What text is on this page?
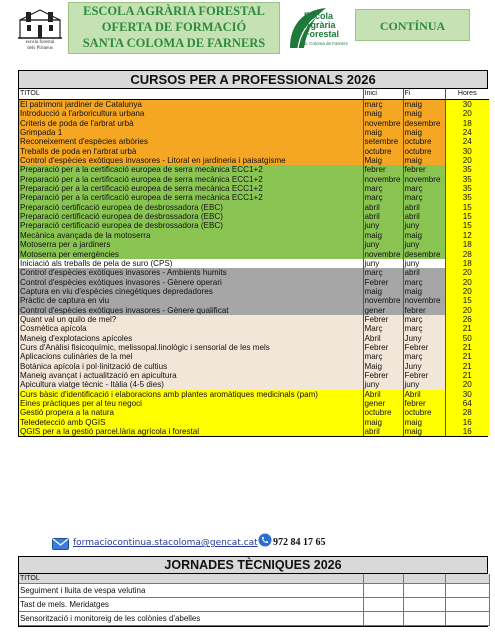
escola forestal
dels Pirineus
ESCOLA AGRÀRIA FORESTAL
OFERTA DE FORMACIÓ
SANTA COLOMA DE FARNERS
Escola
Agrària
Forestal
Sta. Coloma de Farners
CONTÍNUA
CURSOS PER A PROFESSIONALS 2026
TITOL	Inici	Fi	Hores
El patrimoni jardiner de Catalunya	març	maig	30
Introducció a l'arboricultura urbana	maig	maig	20
Criteris de poda de l'arbrat urbà	novembre	desembre	18
Grimpada 1	maig	maig	24
Reconeixement d'espècies arbòries	setembre	octubre	24
Treballs de poda en l'arbrat urbà	octubre	octubre	30
Control d'espècies exòtiques invasores - Litoral en jardineria i paisatgisme	Maig	maig	20
Preparació per a la certificació europea de serra mecànica ECC1+2	febrer	febrer	35
Preparació per a la certificació europea de serra mecànica ECC1+2	novembre	novembre	35
Preparació per a la certificació europea de serra mecànica ECC1+2	març	març	35
Preparació per a la certificació europea de serra mecànica ECC1+2	març	març	35
Preparació certificació europea de desbrossadora (EBC)	abril	abril	15
Preparació certificació europea de desbrossadora (EBC)	abril	abril	15
Preparació certificació europea de desbrossadora (EBC)	juny	juny	15
Mecànica avançada de la motoserra	maig	maig	12
Motoserra per a jardiners	juny	juny	18
Motoserra per emergències	novembre	desembre	28
Iniciació als treballs de pela de suro (CPS)	juny	juny	18
Control d'espècies exòtiques invasores - Ambients humits	març	abril	20
Control d'espècies exòtiques invasores - Gènere operari	Febrer	març	20
Captura en viu d'espècies cinegètiques depredadores	maig	maig	20
Pràctic de captura en viu	novembre	novembre	15
Control d'espècies exòtiques invasores - Gènere qualificat	gener	febrer	20
Quant val un quilo de mel?	Febrer	març	26
Cosmètica apícola	Març	març	21
Maneig d'explotacions apícoles	Abril	Juny	50
Curs d'Anàlisi fisicoquímic, melissopal.linològic i sensorial de les mels	Febrer	Febrer	21
Aplicacions culinàries de la mel	març	març	21
Botànica apícola i pol·linització de cultius	Maig	Juny	21
Maneig avançat i actualització en apicultura	Febrer	Febrer	21
Apicultura viatge tècnic - Itàlia (4-5 dies)	juny	juny	20
Curs bàsic d'identificació i elaboracions amb plantes aromàtiques medicinals (pam)	Abril	Abril	30
Eines pràctiques per al teu negoci	gener	febrer	64
Gestió propera a la natura	octubre	octubre	28
Teledetecció amb QGIS	maig	maig	16
QGIS per a la gestió parcel.lària agrícola i forestal	abril	maig	16
formaciocontinua.stacoloma@gencat.cat 972 84 17 65
JORNADES TÈCNIQUES 2026
TITOL			
Seguiment i lluita de vespa velutina			
Tast de mels. Meridatges			
Sensorització i monitoreig de les colònies d'abelles			
